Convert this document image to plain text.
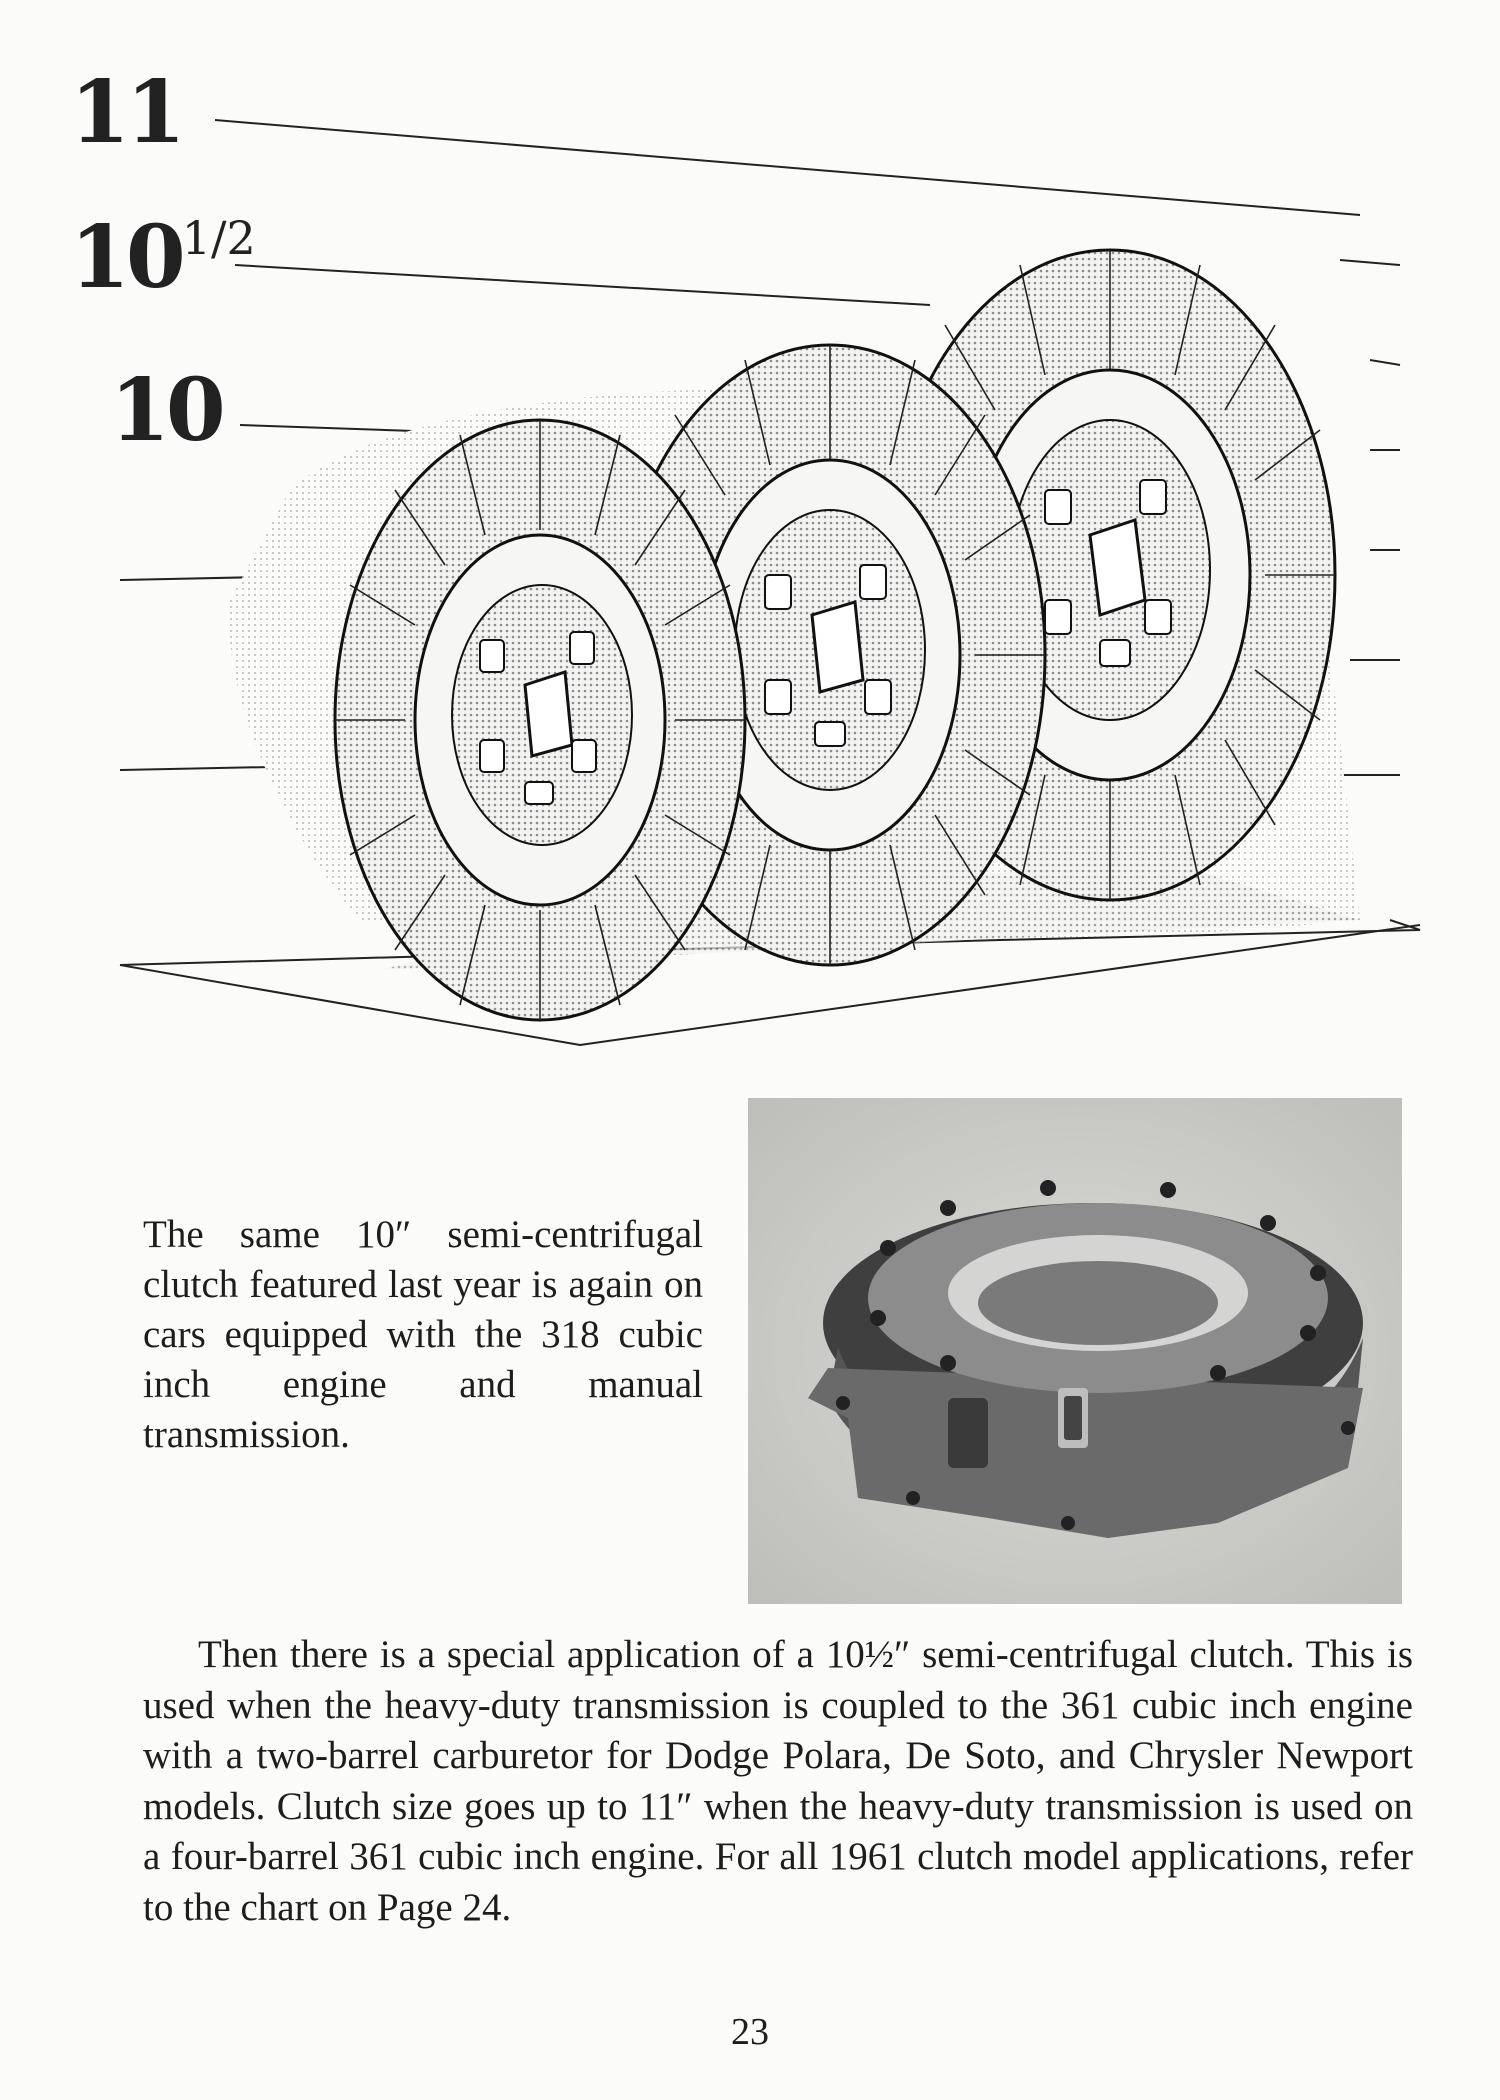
11
$10^{1/2}$
10

The same 10″ semi-centrifugal clutch featured last year is again on cars equipped with the 318 cubic inch engine and manual transmission.

Then there is a special application of a 10½″ semi-centrifugal clutch. This is used when the heavy-duty transmission is coupled to the 361 cubic inch engine with a two-barrel carburetor for Dodge Polara, De Soto, and Chrysler Newport models. Clutch size goes up to 11″ when the heavy-duty transmission is used on a four-barrel 361 cubic inch engine. For all 1961 clutch model applications, refer to the chart on Page 24.

23
